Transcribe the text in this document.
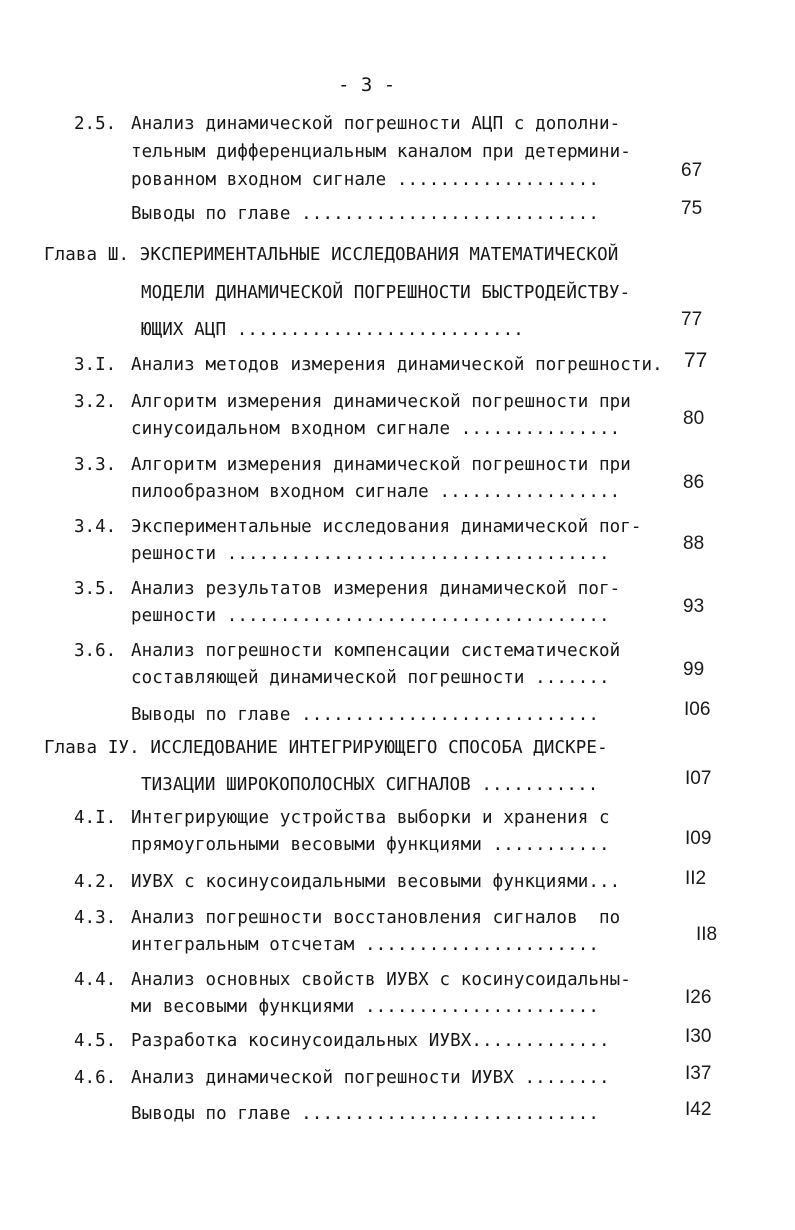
- 3 -
2.5. Анализ динамической погрешности АЦП с дополни-
тельным дифференциальным каналом при детермини-
рованном входном сигнале ...................	67
Выводы по главе ............................	75
Глава Ш. ЭКСПЕРИМЕНТАЛЬНЫЕ ИССЛЕДОВАНИЯ МАТЕМАТИЧЕСКОЙ
МОДЕЛИ ДИНАМИЧЕСКОЙ ПОГРЕШНОСТИ БЫСТРОДЕЙСТВУ-
ЮЩИХ АЦП ...........................	77
3.I. Анализ методов измерения динамической погрешности. 77
3.2. Алгоритм измерения динамической погрешности при
синусоидальном входном сигнале ...............	80
3.3. Алгоритм измерения динамической погрешности при
пилообразном входном сигнале .................	86
3.4. Экспериментальные исследования динамической пог-
решности ....................................	88
3.5. Анализ результатов измерения динамической пог-
решности ....................................	93
3.6. Анализ погрешности компенсации систематической
составляющей динамической погрешности .......	99
Выводы по главе ............................	I06
Глава IУ. ИССЛЕДОВАНИЕ ИНТЕГРИРУЮЩЕГО СПОСОБА ДИСКРЕ-
ТИЗАЦИИ ШИРОКОПОЛОСНЫХ СИГНАЛОВ ...........	I07
4.I. Интегрирующие устройства выборки и хранения с
прямоугольными весовыми функциями ...........	I09
4.2. ИУВХ с косинусоидальными весовыми функциями...	II2
4.3. Анализ погрешности восстановления сигналов  по
интегральным отсчетам ......................	II8
4.4. Анализ основных свойств ИУВХ с косинусоидальны-
ми весовыми функциями ......................	I26
4.5. Разработка косинусоидальных ИУВХ.............	I30
4.6. Анализ динамической погрешности ИУВХ ........	I37
Выводы по главе ............................	I42
